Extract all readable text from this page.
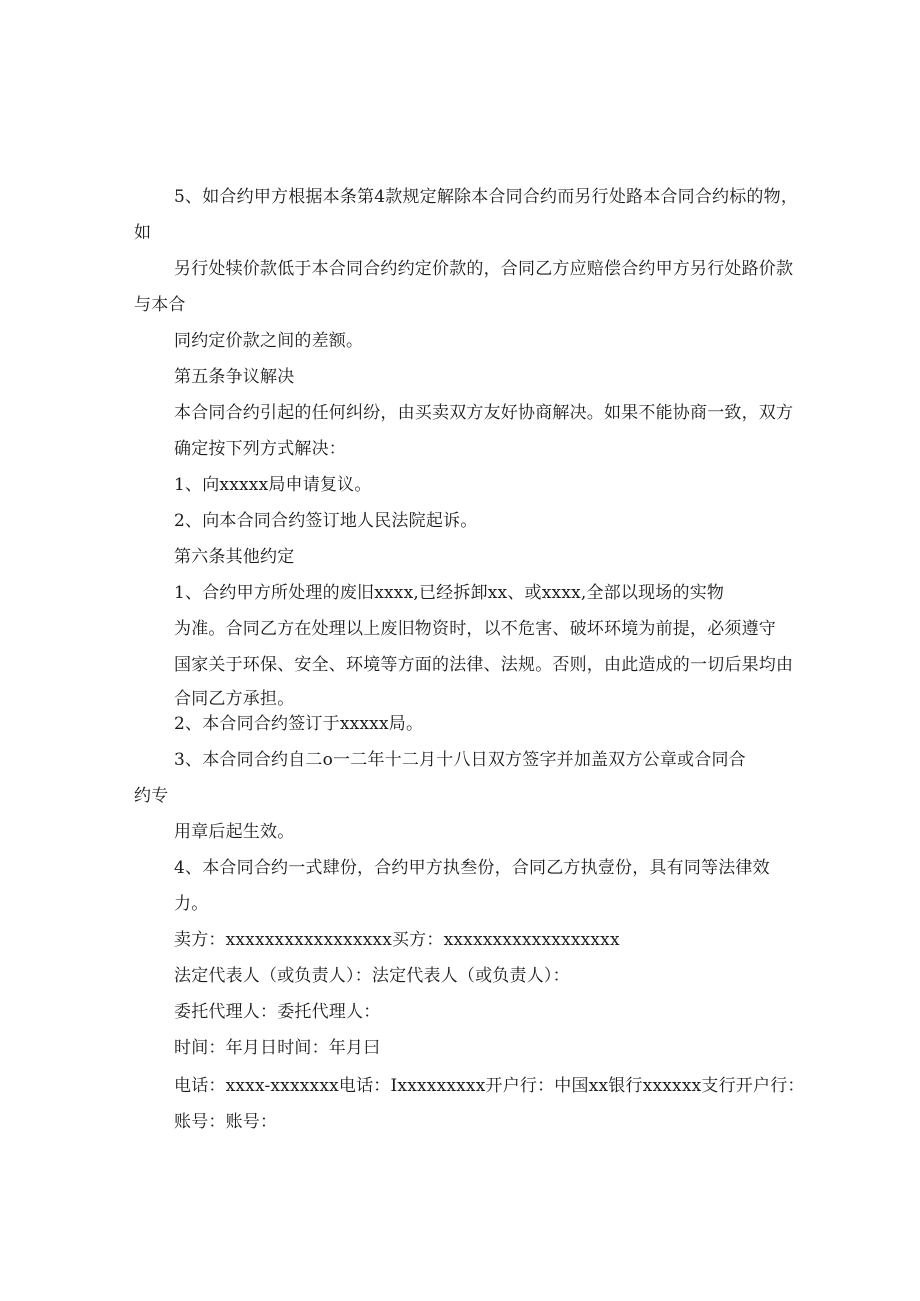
5、如合约甲方根据本条第4款规定解除本合同合约而另行处路本合同合约标的物，
如
另行处犊价款低于本合同合约约定价款的，合同乙方应赔偿合约甲方另行处路价款
与本合
同约定价款之间的差额。
第五条争议解决
本合同合约引起的任何纠纷，由买卖双方友好协商解决。如果不能协商一致，双方
确定按下列方式解决：
1、向xxxxx局申请复议。
2、向本合同合约签订地人民法院起诉。
第六条其他约定
1、合约甲方所处理的废旧xxxx,已经拆卸xx、或xxxx,全部以现场的实物
为准。合同乙方在处理以上废旧物资时，以不危害、破坏环境为前提，必须遵守
国家关于环保、安全、环境等方面的法律、法规。否则，由此造成的一切后果均由
合同乙方承担。
2、本合同合约签订于xxxxx局。
3、本合同合约自二o一二年十二月十八日双方签字并加盖双方公章或合同合
约专
用章后起生效。
4、本合同合约一式肆份，合约甲方执叁份，合同乙方执壹份，具有同等法律效
力。
卖方：xxxxxxxxxxxxxxxxx买方：xxxxxxxxxxxxxxxxxx
法定代表人（或负责人）：法定代表人（或负责人）：
委托代理人：委托代理人：
时间：年月日时间：年月曰
电话：xxxx-xxxxxxx电话：Ixxxxxxxxx开户行：中国xx银行xxxxxx支行开户行：
账号：账号：
